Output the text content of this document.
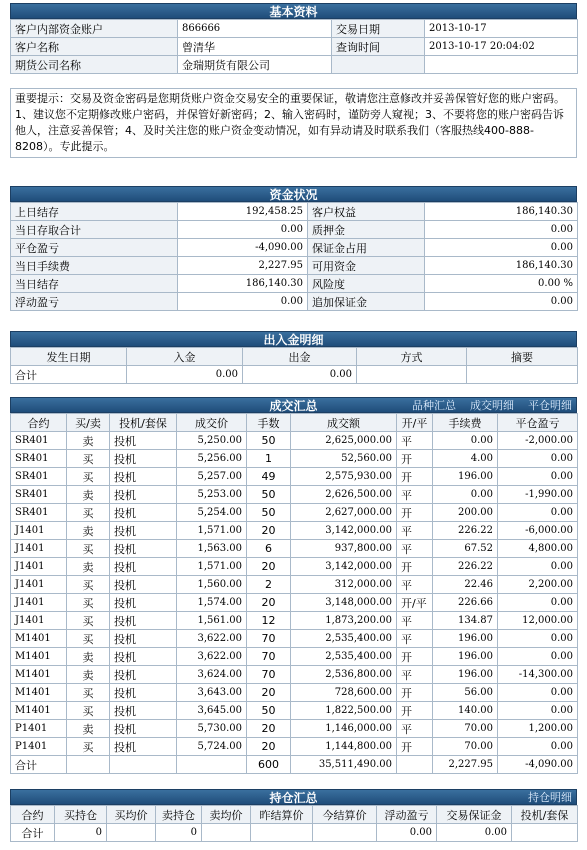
基本资料
客户内部资金账户	866666	交易日期	2013-10-17
客户名称	曾清华	查询时间	2013-10-17 20:04:02
期货公司名称	金瑞期货有限公司		
重要提示：交易及资金密码是您期货账户资金交易安全的重要保证，敬请您注意修改并妥善保管好您的账户密码。1、建议您不定期修改账户密码，并保管好新密码；2、输入密码时，谨防旁人窥视；3、不要将您的账户密码告诉他人，注意妥善保管；4、及时关注您的账户资金变动情况，如有异动请及时联系我们（客服热线400-888-8208）。专此提示。
资金状况
上日结存	192,458.25	客户权益	186,140.30
当日存取合计	0.00	质押金	0.00
平仓盈亏	-4,090.00	保证金占用	0.00
当日手续费	2,227.95	可用资金	186,140.30
当日结存	186,140.30	风险度	0.00 %
浮动盈亏	0.00	追加保证金	0.00
出入金明细
发生日期	入金	出金	方式	摘要
合计	0.00	0.00		
成交汇总	品种汇总 成交明细 平仓明细
合约	买/卖	投机/套保	成交价	手数	成交额	开/平	手续费	平仓盈亏
SR401	卖	投机	5,250.00	50	2,625,000.00	平	0.00	-2,000.00
SR401	买	投机	5,256.00	1	52,560.00	开	4.00	0.00
SR401	买	投机	5,257.00	49	2,575,930.00	开	196.00	0.00
SR401	卖	投机	5,253.00	50	2,626,500.00	平	0.00	-1,990.00
SR401	买	投机	5,254.00	50	2,627,000.00	开	200.00	0.00
J1401	卖	投机	1,571.00	20	3,142,000.00	平	226.22	-6,000.00
J1401	买	投机	1,563.00	6	937,800.00	平	67.52	4,800.00
J1401	卖	投机	1,571.00	20	3,142,000.00	开	226.22	0.00
J1401	买	投机	1,560.00	2	312,000.00	平	22.46	2,200.00
J1401	买	投机	1,574.00	20	3,148,000.00	开/平	226.66	0.00
J1401	买	投机	1,561.00	12	1,873,200.00	平	134.87	12,000.00
M1401	买	投机	3,622.00	70	2,535,400.00	平	196.00	0.00
M1401	卖	投机	3,622.00	70	2,535,400.00	开	196.00	0.00
M1401	卖	投机	3,624.00	70	2,536,800.00	平	196.00	-14,300.00
M1401	买	投机	3,643.00	20	728,600.00	开	56.00	0.00
M1401	买	投机	3,645.00	50	1,822,500.00	开	140.00	0.00
P1401	卖	投机	5,730.00	20	1,146,000.00	平	70.00	1,200.00
P1401	买	投机	5,724.00	20	1,144,800.00	开	70.00	0.00
合计				600	35,511,490.00		2,227.95	-4,090.00
持仓汇总	持仓明细
合约	买持仓	买均价	卖持仓	卖均价	昨结算价	今结算价	浮动盈亏	交易保证金	投机/套保
合计	0		0				0.00	0.00	
